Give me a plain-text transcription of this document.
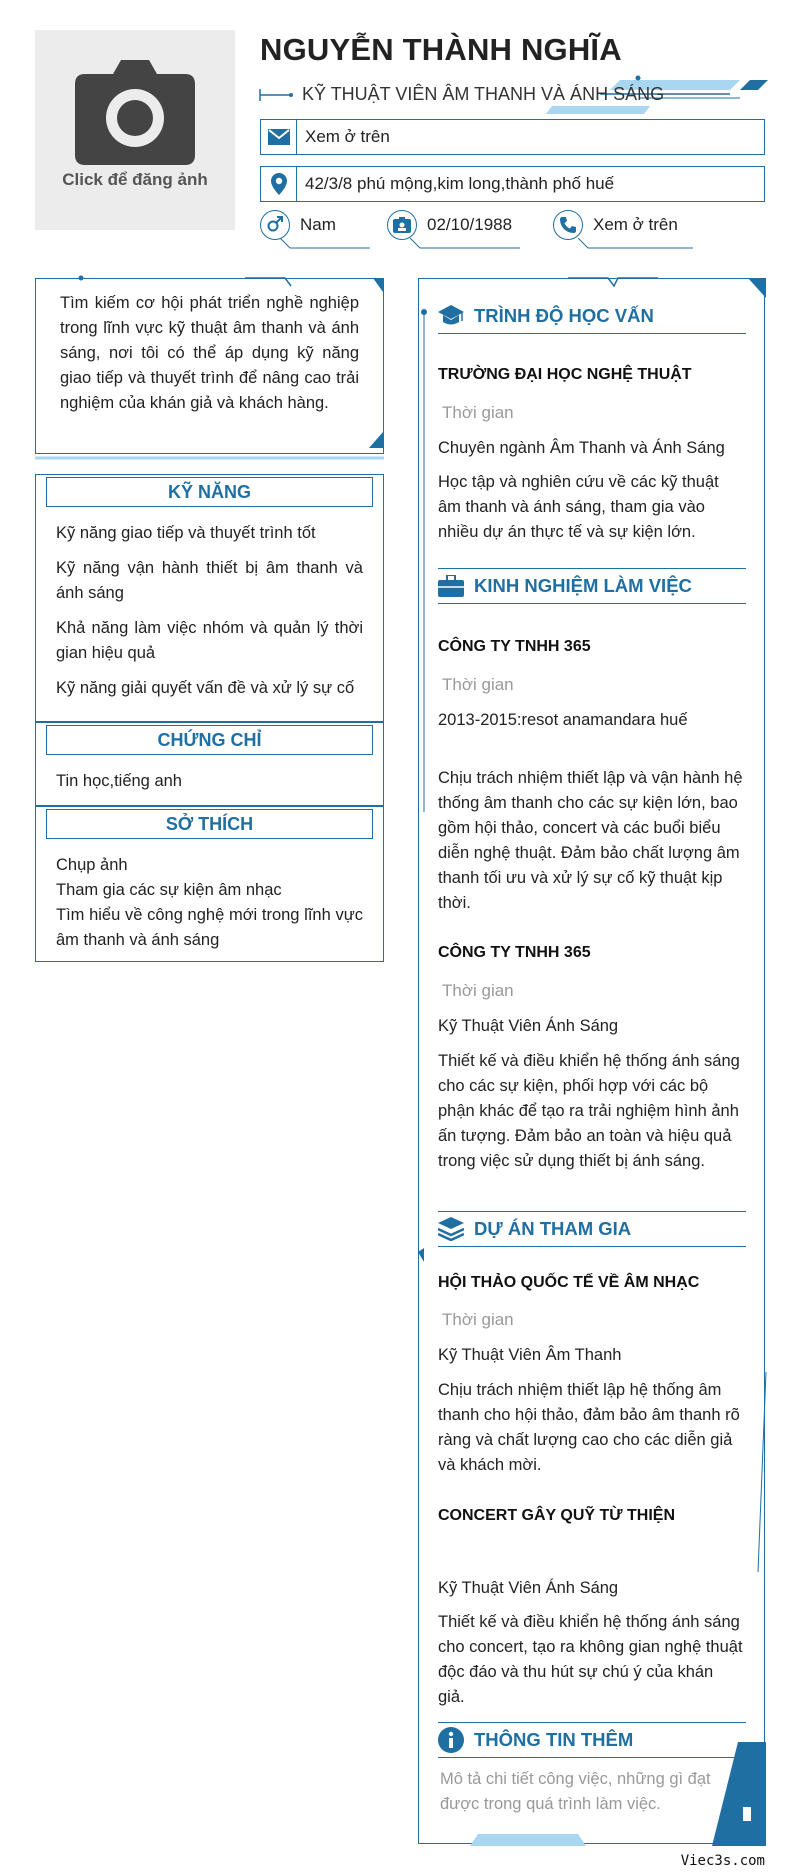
Click để đăng ảnh
NGUYỄN THÀNH NGHĨA
KỸ THUẬT VIÊN ÂM THANH VÀ ÁNH SÁNG
Xem ở trên
42/3/8 phú mộng,kim long,thành phố huế
Nam	02/10/1988	Xem ở trên
Tìm kiếm cơ hội phát triển nghề nghiệp trong lĩnh vực kỹ thuật âm thanh và ánh sáng, nơi tôi có thể áp dụng kỹ năng giao tiếp và thuyết trình để nâng cao trải nghiệm của khán giả và khách hàng.
KỸ NĂNG
Kỹ năng giao tiếp và thuyết trình tốt
Kỹ năng vận hành thiết bị âm thanh và ánh sáng
Khả năng làm việc nhóm và quản lý thời gian hiệu quả
Kỹ năng giải quyết vấn đề và xử lý sự cố
CHỨNG CHỈ
Tin học,tiếng anh
SỞ THÍCH
Chụp ảnh
Tham gia các sự kiện âm nhạc
Tìm hiểu về công nghệ mới trong lĩnh vực âm thanh và ánh sáng
TRÌNH ĐỘ HỌC VẤN
TRƯỜNG ĐẠI HỌC NGHỆ THUẬT
Thời gian
Chuyên ngành Âm Thanh và Ánh Sáng
Học tập và nghiên cứu về các kỹ thuật âm thanh và ánh sáng, tham gia vào nhiều dự án thực tế và sự kiện lớn.
KINH NGHIỆM LÀM VIỆC
CÔNG TY TNHH 365
Thời gian
2013-2015:resot anamandara huế
Chịu trách nhiệm thiết lập và vận hành hệ thống âm thanh cho các sự kiện lớn, bao gồm hội thảo, concert và các buổi biểu diễn nghệ thuật. Đảm bảo chất lượng âm thanh tối ưu và xử lý sự cố kỹ thuật kịp thời.
CÔNG TY TNHH 365
Thời gian
Kỹ Thuật Viên Ánh Sáng
Thiết kế và điều khiển hệ thống ánh sáng cho các sự kiện, phối hợp với các bộ phận khác để tạo ra trải nghiệm hình ảnh ấn tượng. Đảm bảo an toàn và hiệu quả trong việc sử dụng thiết bị ánh sáng.
DỰ ÁN THAM GIA
HỘI THẢO QUỐC TẾ VỀ ÂM NHẠC
Thời gian
Kỹ Thuật Viên Âm Thanh
Chịu trách nhiệm thiết lập hệ thống âm thanh cho hội thảo, đảm bảo âm thanh rõ ràng và chất lượng cao cho các diễn giả và khách mời.
CONCERT GÂY QUỸ TỪ THIỆN
Kỹ Thuật Viên Ánh Sáng
Thiết kế và điều khiển hệ thống ánh sáng cho concert, tạo ra không gian nghệ thuật độc đáo và thu hút sự chú ý của khán giả.
THÔNG TIN THÊM
Mô tả chi tiết công việc, những gì đạt được trong quá trình làm việc.
Viec3s.com
